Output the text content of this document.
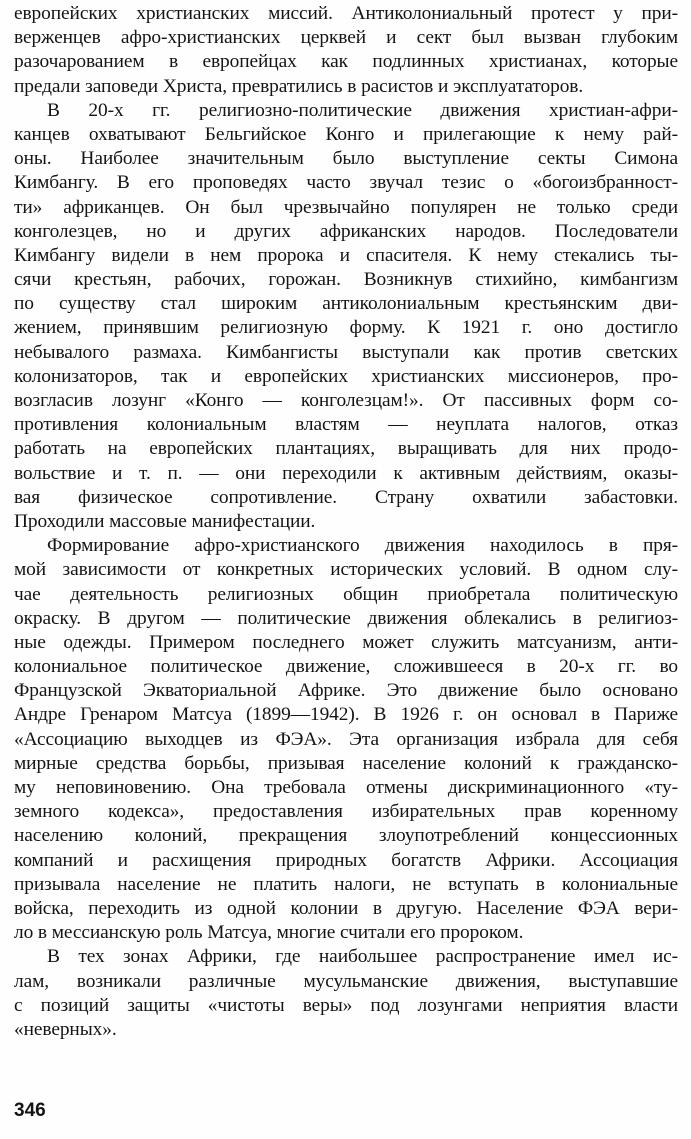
европейских христианских миссий. Антиколониальный протест у при-
верженцев афро-христианских церквей и сект был вызван глубоким
разочарованием в европейцах как подлинных христианах, которые
предали заповеди Христа, превратились в расистов и эксплуататоров.
В 20-х гг. религиозно-политические движения христиан-афри-
канцев охватывают Бельгийское Конго и прилегающие к нему рай-
оны. Наиболее значительным было выступление секты Симона
Кимбангу. В его проповедях часто звучал тезис о «богоизбранност-
ти» африканцев. Он был чрезвычайно популярен не только среди
конголезцев, но и других африканских народов. Последователи
Кимбангу видели в нем пророка и спасителя. К нему стекались ты-
сячи крестьян, рабочих, горожан. Возникнув стихийно, кимбангизм
по существу стал широким антиколониальным крестьянским дви-
жением, принявшим религиозную форму. К 1921 г. оно достигло
небывалого размаха. Кимбангисты выступали как против светских
колонизаторов, так и европейских христианских миссионеров, про-
возгласив лозунг «Конго — конголезцам!». От пассивных форм со-
противления колониальным властям — неуплата налогов, отказ
работать на европейских плантациях, выращивать для них продо-
вольствие и т. п. — они переходили к активным действиям, оказы-
вая физическое сопротивление. Страну охватили забастовки.
Проходили массовые манифестации.
Формирование афро-христианского движения находилось в пря-
мой зависимости от конкретных исторических условий. В одном слу-
чае деятельность религиозных общин приобретала политическую
окраску. В другом — политические движения облекались в религиоз-
ные одежды. Примером последнего может служить матсуанизм, анти-
колониальное политическое движение, сложившееся в 20-х гг. во
Французской Экваториальной Африке. Это движение было основано
Андре Гренаром Матсуа (1899—1942). В 1926 г. он основал в Париже
«Ассоциацию выходцев из ФЭА». Эта организация избрала для себя
мирные средства борьбы, призывая население колоний к гражданско-
му неповиновению. Она требовала отмены дискриминационного «ту-
земного кодекса», предоставления избирательных прав коренному
населению колоний, прекращения злоупотреблений концессионных
компаний и расхищения природных богатств Африки. Ассоциация
призывала население не платить налоги, не вступать в колониальные
войска, переходить из одной колонии в другую. Население ФЭА вери-
ло в мессианскую роль Матсуа, многие считали его пророком.
В тех зонах Африки, где наибольшее распространение имел ис-
лам, возникали различные мусульманские движения, выступавшие
с позиций защиты «чистоты веры» под лозунгами неприятия власти
«неверных».
346
